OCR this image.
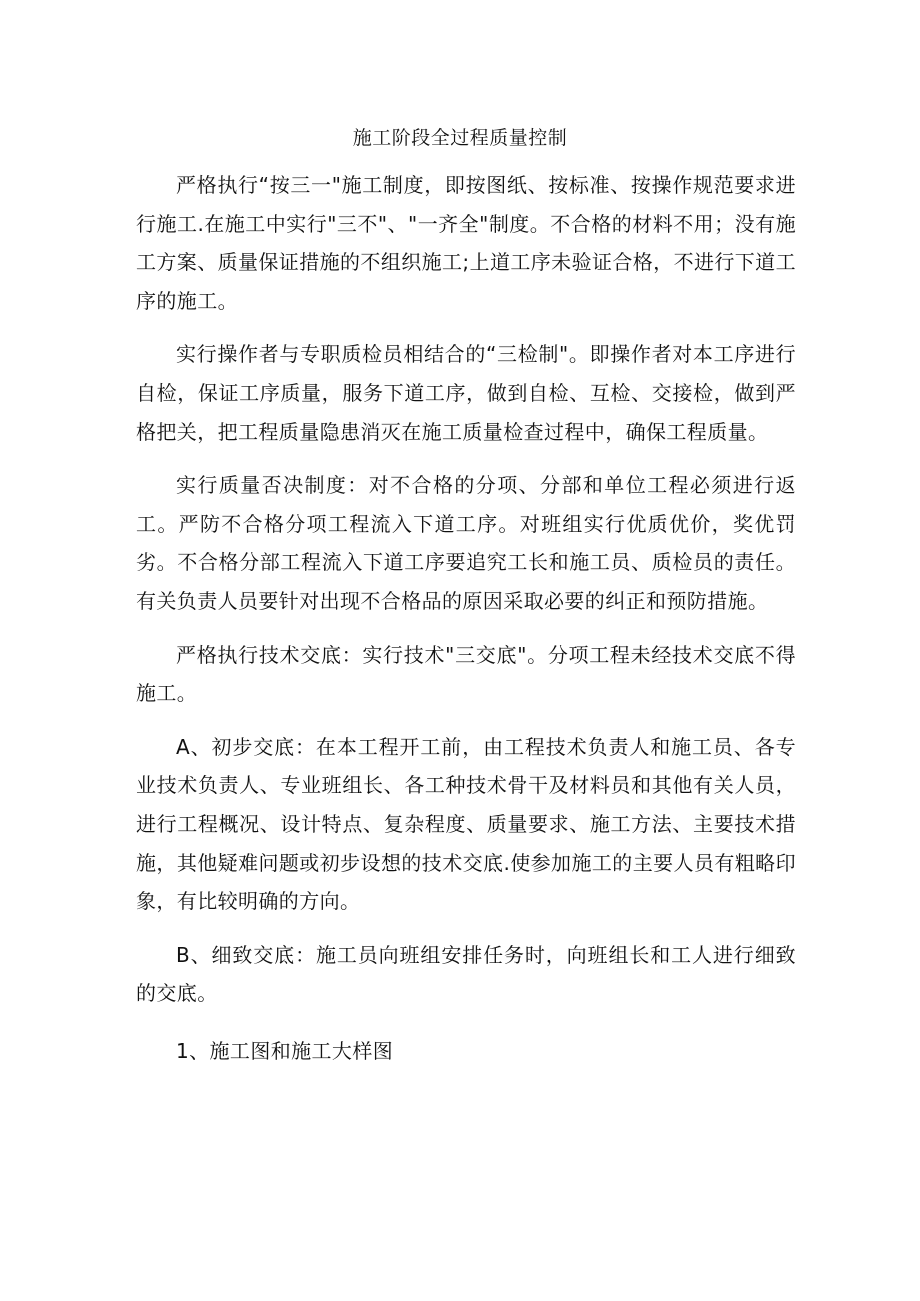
施工阶段全过程质量控制

严格执行“按三一"施工制度，即按图纸、按标准、按操作规范要求进行施工.在施工中实行"三不"、"一齐全"制度。不合格的材料不用；没有施工方案、质量保证措施的不组织施工;上道工序未验证合格，不进行下道工序的施工。

实行操作者与专职质检员相结合的“三检制"。即操作者对本工序进行自检，保证工序质量，服务下道工序，做到自检、互检、交接检，做到严格把关，把工程质量隐患消灭在施工质量检查过程中，确保工程质量。

实行质量否决制度：对不合格的分项、分部和单位工程必须进行返工。严防不合格分项工程流入下道工序。对班组实行优质优价，奖优罚劣。不合格分部工程流入下道工序要追究工长和施工员、质检员的责任。有关负责人员要针对出现不合格品的原因采取必要的纠正和预防措施。

严格执行技术交底：实行技术"三交底"。分项工程未经技术交底不得施工。

A、初步交底：在本工程开工前，由工程技术负责人和施工员、各专业技术负责人、专业班组长、各工种技术骨干及材料员和其他有关人员，进行工程概况、设计特点、复杂程度、质量要求、施工方法、主要技术措施，其他疑难问题或初步设想的技术交底.使参加施工的主要人员有粗略印象，有比较明确的方向。

B、细致交底：施工员向班组安排任务时，向班组长和工人进行细致的交底。

1、施工图和施工大样图
